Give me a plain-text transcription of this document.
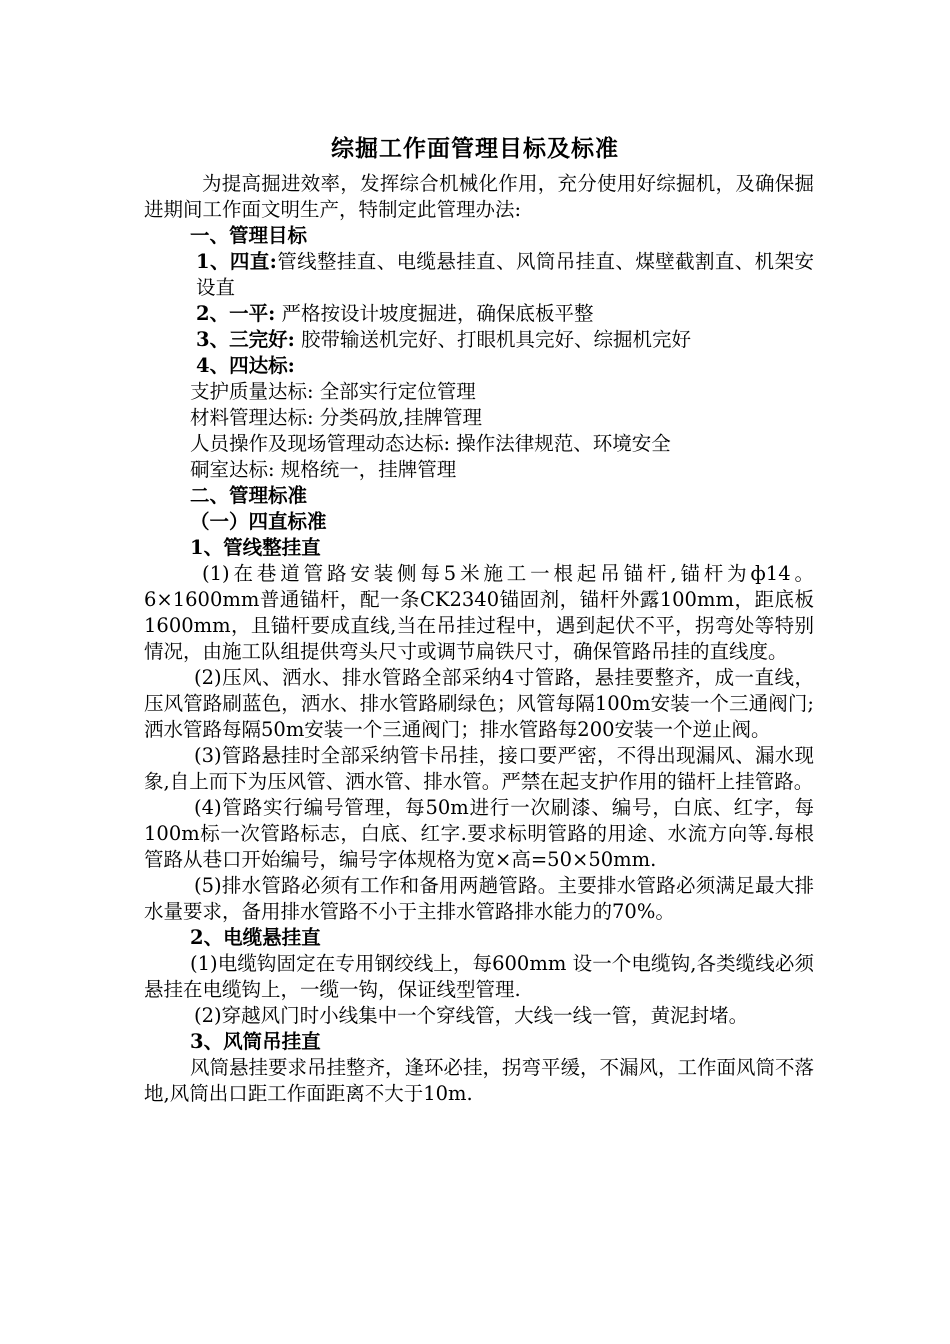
综掘工作面管理目标及标准

为提高掘进效率，发挥综合机械化作用，充分使用好综掘机，及确保掘进期间工作面文明生产，特制定此管理办法:

一、管理目标

1、四直:管线整挂直、电缆悬挂直、风筒吊挂直、煤壁截割直、机架安设直

2、一平: 严格按设计坡度掘进，确保底板平整

3、三完好: 胶带输送机完好、打眼机具完好、综掘机完好

4、四达标:

支护质量达标: 全部实行定位管理

材料管理达标: 分类码放,挂牌管理

人员操作及现场管理动态达标: 操作法律规范、环境安全

硐室达标: 规格统一，挂牌管理

二、管理标准

（一）四直标准

1、管线整挂直

(1)在巷道管路安装侧每5米施工一根起吊锚杆,锚杆为ф14。6×1600mm普通锚杆，配一条CK2340锚固剂，锚杆外露100mm，距底板1600mm，且锚杆要成直线,当在吊挂过程中，遇到起伏不平，拐弯处等特别情况，由施工队组提供弯头尺寸或调节扁铁尺寸，确保管路吊挂的直线度。

(2)压风、洒水、排水管路全部采纳4寸管路，悬挂要整齐，成一直线，压风管路刷蓝色，洒水、排水管路刷绿色；风管每隔100m安装一个三通阀门;洒水管路每隔50m安装一个三通阀门；排水管路每200安装一个逆止阀。

(3)管路悬挂时全部采纳管卡吊挂，接口要严密，不得出现漏风、漏水现象,自上而下为压风管、洒水管、排水管。严禁在起支护作用的锚杆上挂管路。

(4)管路实行编号管理，每50m进行一次刷漆、编号，白底、红字，每100m标一次管路标志，白底、红字.要求标明管路的用途、水流方向等.每根管路从巷口开始编号，编号字体规格为宽×高=50×50mm.

(5)排水管路必须有工作和备用两趟管路。主要排水管路必须满足最大排水量要求，备用排水管路不小于主排水管路排水能力的70%。

2、电缆悬挂直

(1)电缆钩固定在专用钢绞线上，每600mm 设一个电缆钩,各类缆线必须悬挂在电缆钩上，一缆一钩，保证线型管理.

(2)穿越风门时小线集中一个穿线管，大线一线一管，黄泥封堵。

3、风筒吊挂直

风筒悬挂要求吊挂整齐，逢环必挂，拐弯平缓，不漏风，工作面风筒不落地,风筒出口距工作面距离不大于10m.
